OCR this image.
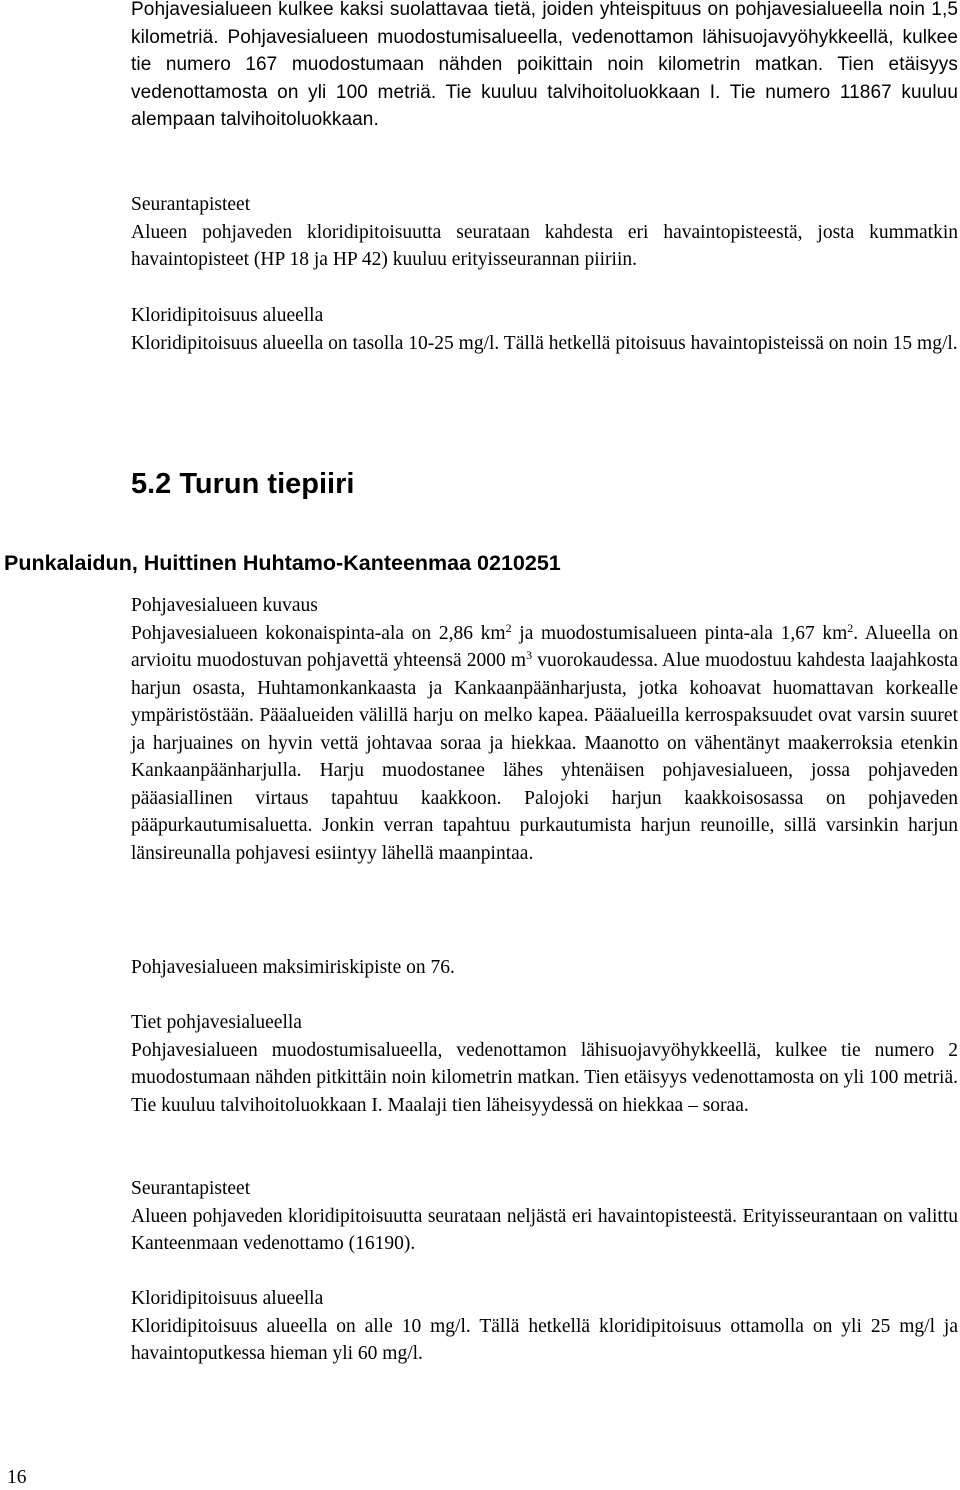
Pohjavesialueen kulkee kaksi suolattavaa tietä, joiden yhteispituus on pohjavesialueella noin 1,5 kilometriä. Pohjavesialueen muodostumisalueella, vedenottamon lähisuojavyöhykkeellä, kulkee tie numero 167 muodostumaan nähden poikittain noin kilometrin matkan. Tien etäisyys vedenottamosta on yli 100 metriä. Tie kuuluu talvihoitoluokkaan I. Tie numero 11867 kuuluu alempaan talvihoitoluokkaan.

Seurantapisteet

Alueen pohjaveden kloridipitoisuutta seurataan kahdesta eri havaintopisteestä, josta kummatkin havaintopisteet (HP 18 ja HP 42) kuuluu erityisseurannan piiriin.

Kloridipitoisuus alueella

Kloridipitoisuus alueella on tasolla 10-25 mg/l. Tällä hetkellä pitoisuus havaintopisteissä on noin 15 mg/l.

5.2 Turun tiepiiri
Punkalaidun, Huittinen Huhtamo-Kanteenmaa 0210251
Pohjavesialueen kuvaus

Pohjavesialueen kokonaispinta-ala on 2,86 $km^2$ ja muodostumisalueen pinta-ala 1,67 $km^2$. Alueella on arvioitu muodostuvan pohjavettä yhteensä 2000 $m^3$ vuorokaudessa. Alue muodostuu kahdesta laajahkosta harjun osasta, Huhtamonkankaasta ja Kankaanpäänharjusta, jotka kohoavat huomattavan korkealle ympäristöstään. Pääalueiden välillä harju on melko kapea. Pääalueilla kerrospaksuudet ovat varsin suuret ja harjuaines on hyvin vettä johtavaa soraa ja hiekkaa. Maanotto on vähentänyt maakerroksia etenkin Kankaanpäänharjulla. Harju muodostanee lähes yhtenäisen pohjavesialueen, jossa pohjaveden pääasiallinen virtaus tapahtuu kaakkoon. Palojoki harjun kaakkoisosassa on pohjaveden pääpurkautumisaluetta. Jonkin verran tapahtuu purkautumista harjun reunoille, sillä varsinkin harjun länsireunalla pohjavesi esiintyy lähellä maanpintaa.

Pohjavesialueen maksimiriskipiste on 76.

Tiet pohjavesialueella

Pohjavesialueen muodostumisalueella, vedenottamon lähisuojavyöhykkeellä, kulkee tie numero 2 muodostumaan nähden pitkittäin noin kilometrin matkan. Tien etäisyys vedenottamosta on yli 100 metriä. Tie kuuluu talvihoitoluokkaan I. Maalaji tien läheisyydessä on hiekkaa – soraa.

Seurantapisteet

Alueen pohjaveden kloridipitoisuutta seurataan neljästä eri havaintopisteestä. Erityisseurantaan on valittu Kanteenmaan vedenottamo (16190).

Kloridipitoisuus alueella

Kloridipitoisuus alueella on alle 10 mg/l. Tällä hetkellä kloridipitoisuus ottamolla on yli 25 mg/l ja havaintoputkessa hieman yli 60 mg/l.

16
